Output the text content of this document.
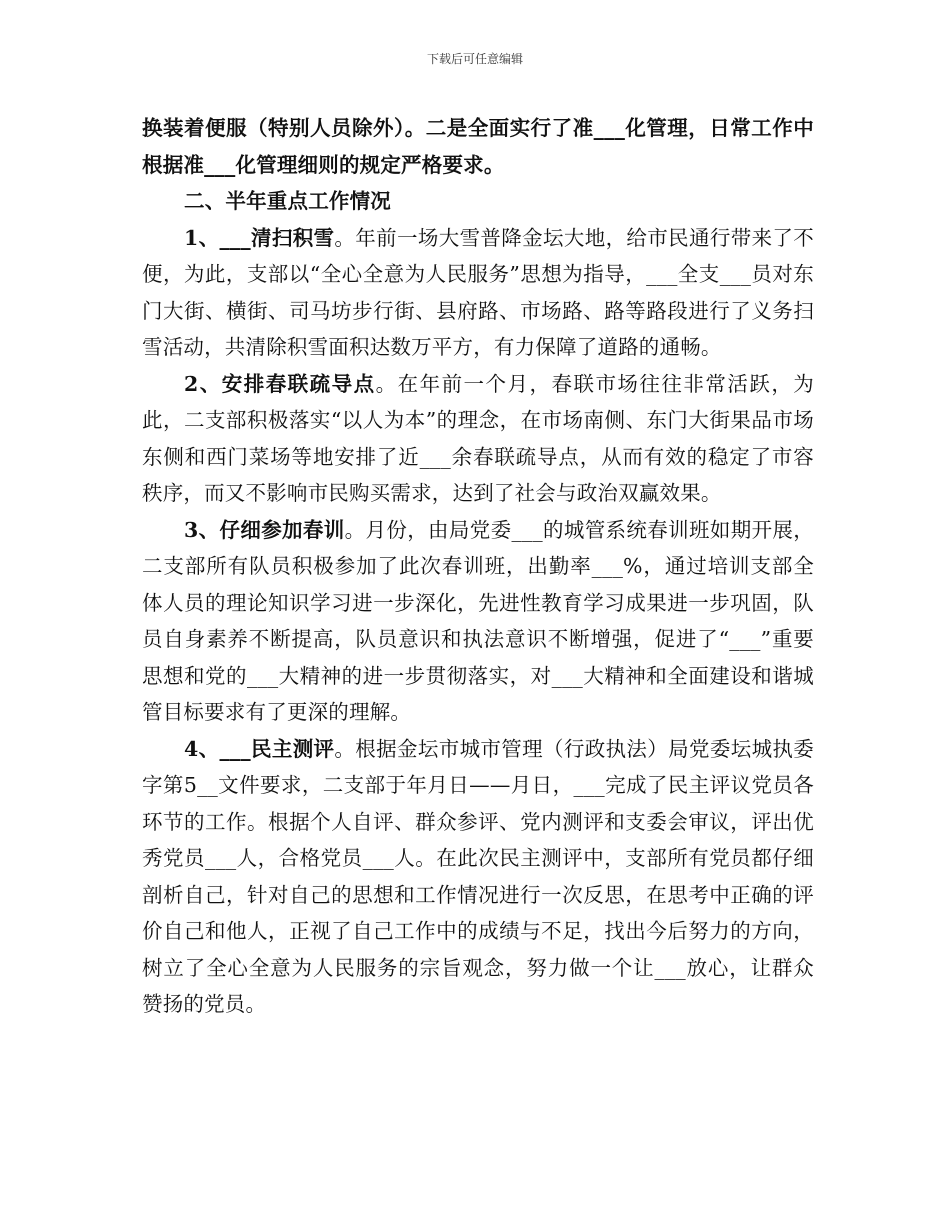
下载后可任意编辑

换装着便服（特别人员除外）。二是全面实行了准___化管理，日常工作中根据准___化管理细则的规定严格要求。

二、半年重点工作情况

1、___清扫积雪。年前一场大雪普降金坛大地，给市民通行带来了不便，为此，支部以“全心全意为人民服务”思想为指导，___全支___员对东门大街、横街、司马坊步行街、县府路、市场路、路等路段进行了义务扫雪活动，共清除积雪面积达数万平方，有力保障了道路的通畅。

2、安排春联疏导点。在年前一个月，春联市场往往非常活跃，为此，二支部积极落实“以人为本”的理念，在市场南侧、东门大街果品市场东侧和西门菜场等地安排了近___余春联疏导点，从而有效的稳定了市容秩序，而又不影响市民购买需求，达到了社会与政治双赢效果。

3、仔细参加春训。月份，由局党委___的城管系统春训班如期开展，二支部所有队员积极参加了此次春训班，出勤率___%，通过培训支部全体人员的理论知识学习进一步深化，先进性教育学习成果进一步巩固，队员自身素养不断提高，队员意识和执法意识不断增强，促进了“___”重要思想和党的___大精神的进一步贯彻落实，对___大精神和全面建设和谐城管目标要求有了更深的理解。

4、___民主测评。根据金坛市城市管理（行政执法）局党委坛城执委字第5__文件要求，二支部于年月日——月日，___完成了民主评议党员各环节的工作。根据个人自评、群众参评、党内测评和支委会审议，评出优秀党员___人，合格党员___人。在此次民主测评中，支部所有党员都仔细剖析自己，针对自己的思想和工作情况进行一次反思，在思考中正确的评价自己和他人，正视了自己工作中的成绩与不足，找出今后努力的方向，树立了全心全意为人民服务的宗旨观念，努力做一个让___放心，让群众赞扬的党员。
